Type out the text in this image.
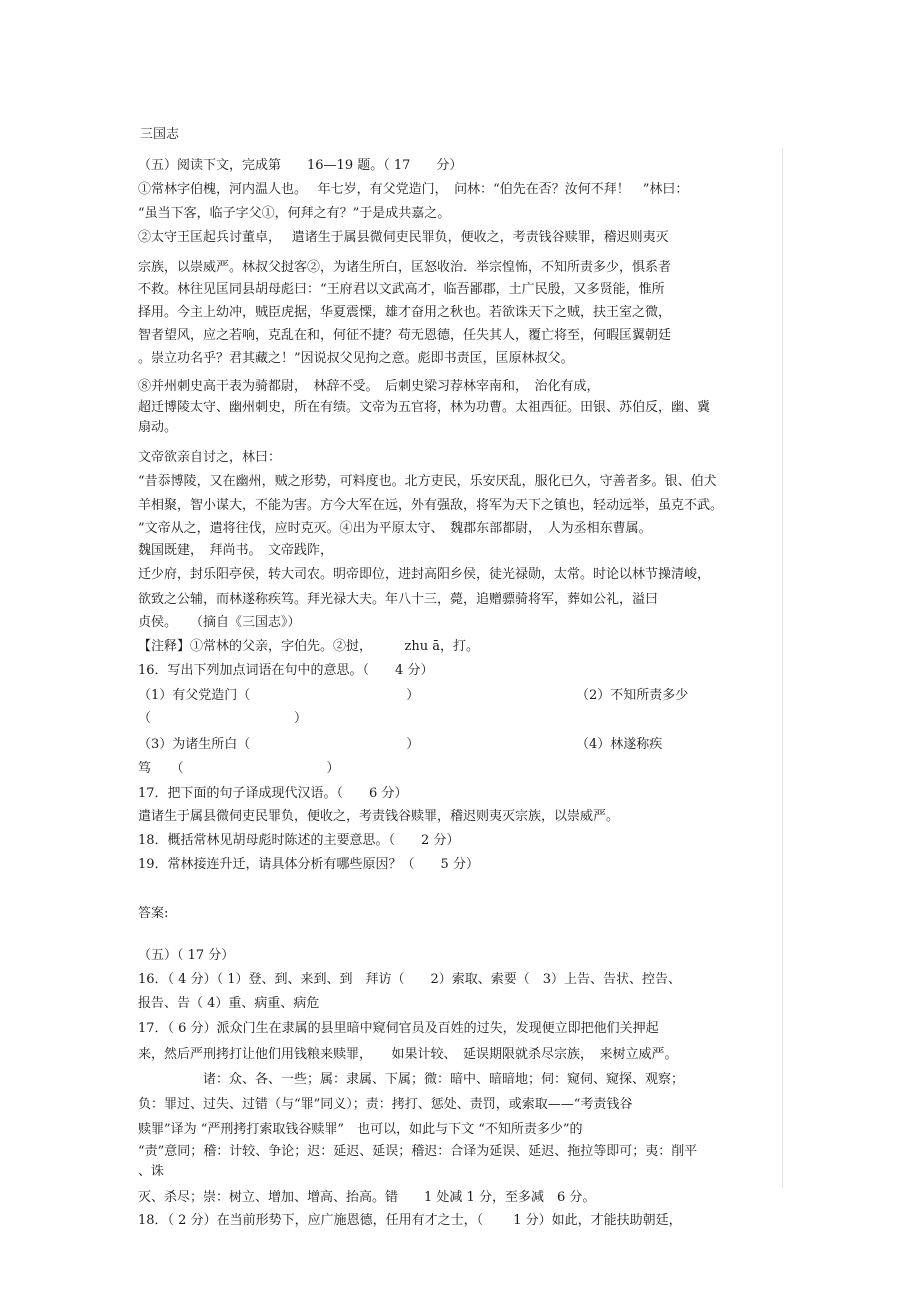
三国志
（五）阅读下文，完成第　　16—19 题。（ 17　　分）
①常林字伯槐，河内温人也。　 年七岁，有父党造门，　问林：“伯先在否？汝何不拜！　”林曰：
“虽当下客，临子字父①，何拜之有？”于是成共嘉之。
②太守王匡起兵讨董卓，　 遣诸生于属县微伺吏民罪负，便收之，考责钱谷赎罪，稽迟则夷灭
宗族，以崇威严。林叔父挝客②，为诸生所白，匡怒收治．举宗惶怖，不知所责多少，惧系者
不救。林往见匡同县胡母彪曰：“王府君以文武高才，临吾鄙郡，土广民殷，又多贤能，惟所
择用。今主上幼冲，贼臣虎据，华夏震慄，雄才奋用之秋也。若欲诛天下之贼，扶王室之微，
智者望风，应之若响，克乱在和，何征不捷？苟无恩德，任失其人，覆亡将至，何暇匡翼朝廷
。崇立功名乎？君其藏之！”因说叔父见拘之意。彪即书责匡，匡原林叔父。
⑧并州刺史高干表为骑都尉，　林辞不受。　后刺史梁习荐林宰南和，　治化有成，
超迁博陵太守、幽州刺史，所在有绩。文帝为五官将，林为功曹。太祖西征。田银、苏伯反，幽、冀
扇动。
文帝欲亲自讨之，林曰：
“昔忝博陵，又在幽州，贼之形势，可料度也。北方吏民，乐安厌乱，服化已久，守善者多。银、伯犬
羊相聚，智小谋大，不能为害。方今大军在远，外有强敌，将军为天下之镇也，轻动远举，虽克不武。
”文帝从之，遣将往伐，应时克灭。④出为平原太守、　魏郡东部都尉，　人为丞相东曹属。
魏国既建，　拜尚书。　文帝践阼，
迁少府，封乐阳亭侯，转大司农。明帝即位，进封高阳乡侯，徒光禄勋，太常。时论以林节操清峻，
欲致之公辅，而林遂称疾笃。拜光禄大夫。年八十三，薨，追赠骠骑将军，葬如公礼，溢曰
贞侯。　　（摘自《三国志》）
【注释】①常林的父亲，字伯先。②挝，　　　zhu ā，打。
16．写出下列加点词语在句中的意思。（　　4 分）
（1）有父党造门（　　　　　　　　　　　　）	（2）不知所责多少
（　　　　　　　　　　　）
（3）为诸生所白（　　　　　　　　　　　　）	（4）林遂称疾
笃　　（　　　　　　　　　　　）
17．把下面的句子译成现代汉语。（　　6 分）
遣诸生于属县微伺吏民罪负，便收之，考责钱谷赎罪，稽迟则夷灭宗族，以崇威严。
18．概括常林见胡母彪时陈述的主要意思。（　　2 分）
19．常林接连升迁，请具体分析有哪些原因？（　　5 分）
答案:
（五）（ 17 分）
16．（ 4 分）（ 1）登、到、来到、到　拜访（　　2）索取、索要（　3）上告、告状、控告、
报告、告（ 4）重、病重、病危
17．（ 6 分）派众门生在隶属的县里暗中窥伺官员及百姓的过失，发现便立即把他们关押起
来，然后严刑拷打让他们用钱粮来赎罪，　　如果计较、　延误期限就杀尽宗族，　来树立威严。
　　　　　诸：众、各、一些；属：隶属、下属；微：暗中、暗暗地；伺：窥伺、窥探、观察；
负：罪过、过失、过错（与“罪”同义）；责：拷打、惩处、责罚，或索取——“考责钱谷
赎罪”译为 “严刑拷打索取钱谷赎罪”　也可以，如此与下文 “不知所责多少”的
“责”意同；稽：计较、争论；迟：延迟、延误；稽迟：合译为延误、延迟、拖拉等即可；夷：削平
、诛
灭、杀尽；崇：树立、增加、增高、抬高。错　　1 处减 1 分，至多减　6 分。
18．（ 2 分）在当前形势下，应广施恩德，任用有才之士，（　　 1 分）如此，才能扶助朝廷，
